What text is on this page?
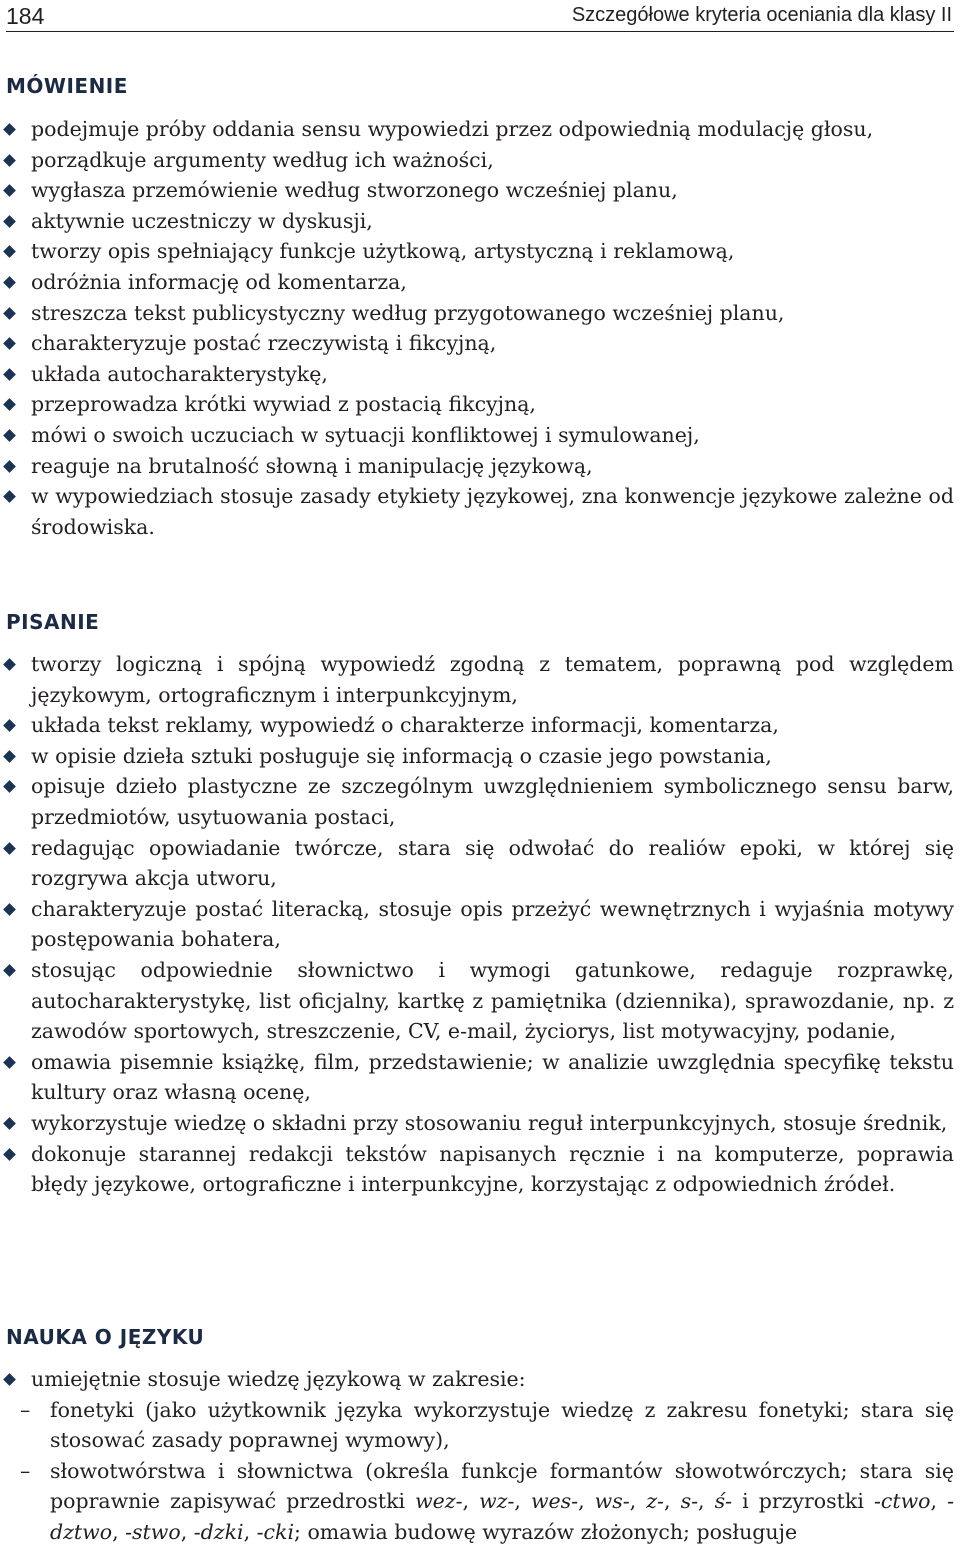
184	Szczegółowe kryteria oceniania dla klasy II
MÓWIENIE
podejmuje próby oddania sensu wypowiedzi przez odpowiednią modulację głosu,
porządkuje argumenty według ich ważności,
wygłasza przemówienie według stworzonego wcześniej planu,
aktywnie uczestniczy w dyskusji,
tworzy opis spełniający funkcje użytkową, artystyczną i reklamową,
odróżnia informację od komentarza,
streszcza tekst publicystyczny według przygotowanego wcześniej planu,
charakteryzuje postać rzeczywistą i fikcyjną,
układa autocharakterystykę,
przeprowadza krótki wywiad z postacią fikcyjną,
mówi o swoich uczuciach w sytuacji konfliktowej i symulowanej,
reaguje na brutalność słowną i manipulację językową,
w wypowiedziach stosuje zasady etykiety językowej, zna konwencje językowe zależne od środowiska.
PISANIE
tworzy logiczną i spójną wypowiedź zgodną z tematem, poprawną pod względem językowym, ortograficznym i interpunkcyjnym,
układa tekst reklamy, wypowiedź o charakterze informacji, komentarza,
w opisie dzieła sztuki posługuje się informacją o czasie jego powstania,
opisuje dzieło plastyczne ze szczególnym uwzględnieniem symbolicznego sensu barw, przedmiotów, usytuowania postaci,
redagując opowiadanie twórcze, stara się odwołać do realiów epoki, w której się rozgrywa akcja utworu,
charakteryzuje postać literacką, stosuje opis przeżyć wewnętrznych i wyjaśnia motywy postępowania bohatera,
stosując odpowiednie słownictwo i wymogi gatunkowe, redaguje rozprawkę, autocharakterystykę, list oficjalny, kartkę z pamiętnika (dziennika), sprawozdanie, np. z zawodów sportowych, streszczenie, CV, e-mail, życiorys, list motywacyjny, podanie,
omawia pisemnie książkę, film, przedstawienie; w analizie uwzględnia specyfikę tekstu kultury oraz własną ocenę,
wykorzystuje wiedzę o składni przy stosowaniu reguł interpunkcyjnych, stosuje średnik,
dokonuje starannej redakcji tekstów napisanych ręcznie i na komputerze, poprawia błędy językowe, ortograficzne i interpunkcyjne, korzystając z odpowiednich źródeł.
NAUKA O JĘZYKU
umiejętnie stosuje wiedzę językową w zakresie:
– fonetyki (jako użytkownik języka wykorzystuje wiedzę z zakresu fonetyki; stara się stosować zasady poprawnej wymowy),
– słowotwórstwa i słownictwa (określa funkcje formantów słowotwórczych; stara się poprawnie zapisywać przedrostki wez-, wz-, wes-, ws-, z-, s-, ś- i przyrostki -ctwo, -dztwo, -stwo, -dzki, -cki; omawia budowę wyrazów złożonych; posługuje
